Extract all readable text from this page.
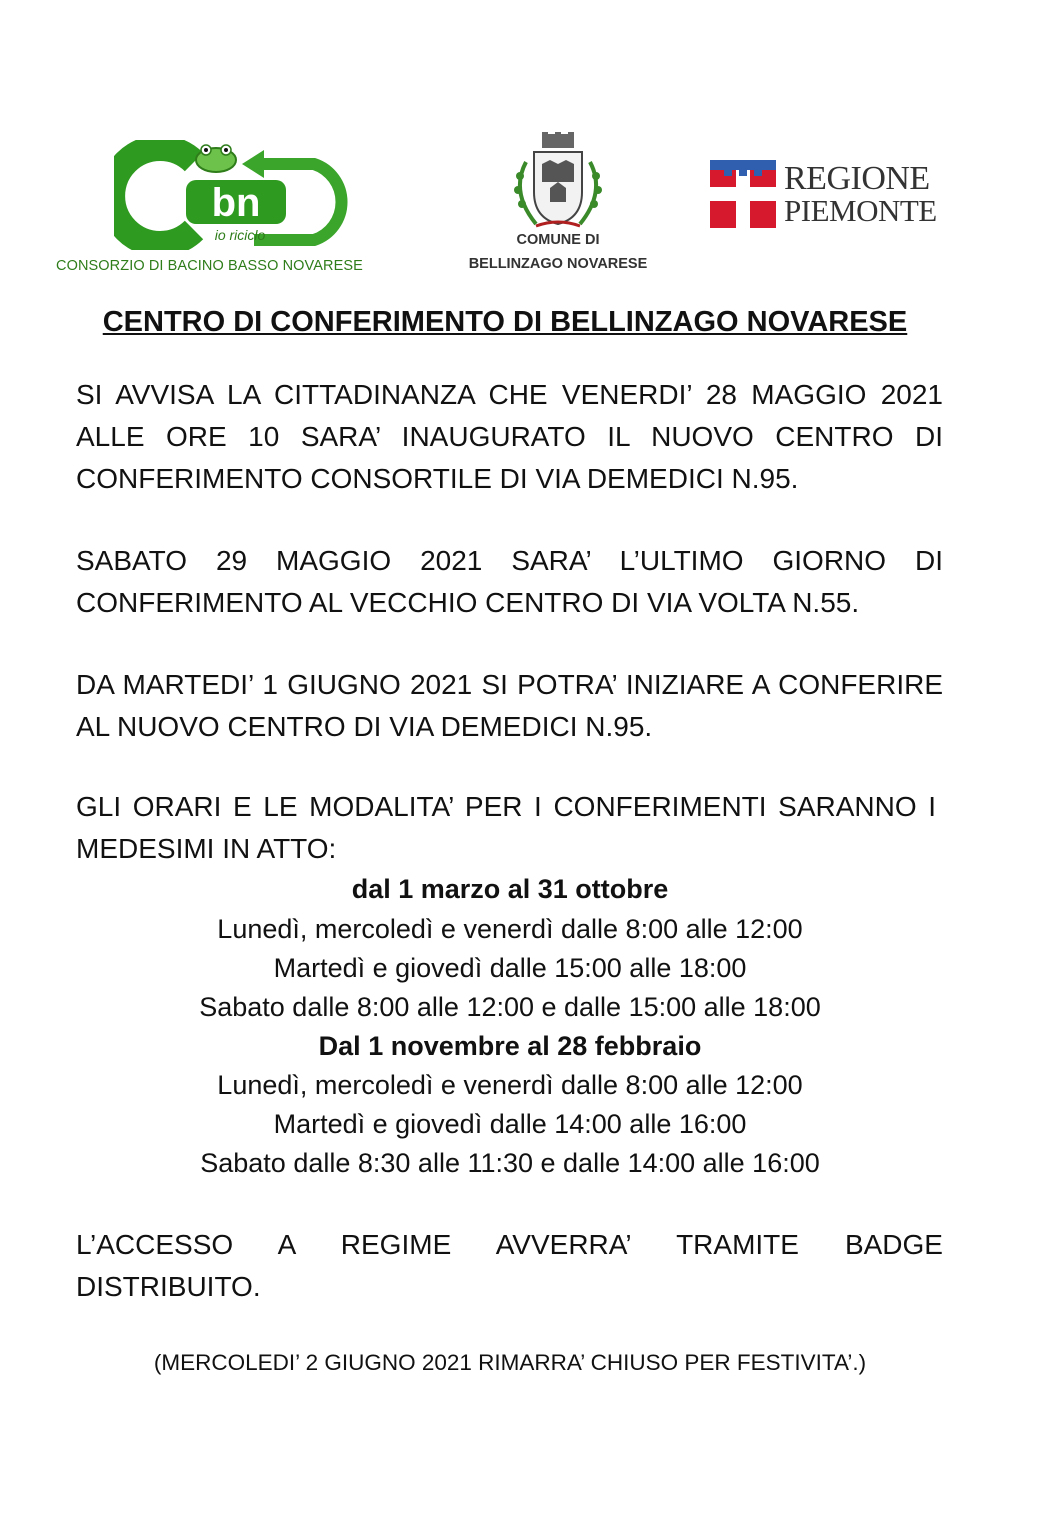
bn
io riciclo
CONSORZIO DI BACINO BASSO NOVARESE
COMUNE DI
BELLINZAGO NOVARESE
REGIONE
PIEMONTE
CENTRO DI CONFERIMENTO DI BELLINZAGO NOVARESE
SI AVVISA LA CITTADINANZA CHE VENERDI’ 28 MAGGIO 2021 ALLE ORE 10 SARA’ INAUGURATO IL NUOVO CENTRO DI CONFERIMENTO CONSORTILE DI VIA DEMEDICI N.95.
SABATO 29 MAGGIO 2021 SARA’ L’ULTIMO GIORNO DI CONFERIMENTO AL VECCHIO CENTRO DI VIA VOLTA N.55.
DA MARTEDI’ 1 GIUGNO 2021 SI POTRA’ INIZIARE A CONFERIRE AL NUOVO CENTRO DI VIA DEMEDICI N.95.
GLI ORARI E LE MODALITA’ PER I CONFERIMENTI SARANNO I MEDESIMI IN ATTO:
dal 1 marzo al 31 ottobre
Lunedì, mercoledì e venerdì dalle 8:00 alle 12:00
Martedì e giovedì dalle 15:00 alle 18:00
Sabato dalle 8:00 alle 12:00 e dalle 15:00 alle 18:00
Dal 1 novembre al 28 febbraio
Lunedì, mercoledì e venerdì dalle 8:00 alle 12:00
Martedì e giovedì dalle 14:00 alle 16:00
Sabato dalle 8:30 alle 11:30 e dalle 14:00 alle 16:00
L’ACCESSO A REGIME AVVERRA’ TRAMITE BADGE DISTRIBUITO.
(MERCOLEDI’ 2 GIUGNO 2021 RIMARRA’ CHIUSO PER FESTIVITA’.)
